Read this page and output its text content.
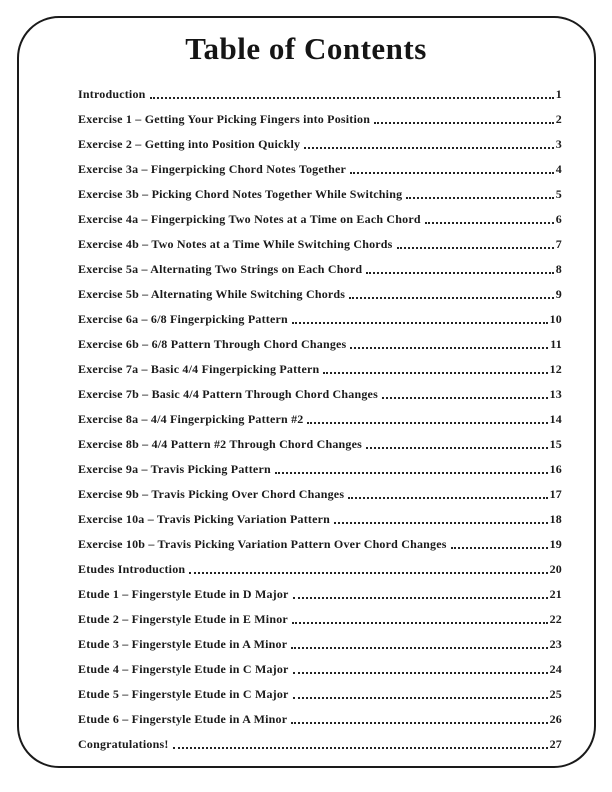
Table of Contents
Introduction	1
Exercise 1 – Getting Your Picking Fingers into Position	2
Exercise 2 – Getting into Position Quickly	3
Exercise 3a – Fingerpicking Chord Notes Together	4
Exercise 3b – Picking Chord Notes Together While Switching	5
Exercise 4a – Fingerpicking Two Notes at a Time on Each Chord	6
Exercise 4b – Two Notes at a Time While Switching Chords	7
Exercise 5a – Alternating Two Strings on Each Chord	8
Exercise 5b – Alternating While Switching Chords	9
Exercise 6a – 6/8 Fingerpicking Pattern	10
Exercise 6b – 6/8 Pattern Through Chord Changes	11
Exercise 7a – Basic 4/4 Fingerpicking Pattern	12
Exercise 7b – Basic 4/4 Pattern Through Chord Changes	13
Exercise 8a – 4/4 Fingerpicking Pattern #2	14
Exercise 8b – 4/4 Pattern #2 Through Chord Changes	15
Exercise 9a – Travis Picking Pattern	16
Exercise 9b – Travis Picking Over Chord Changes	17
Exercise 10a – Travis Picking Variation Pattern	18
Exercise 10b – Travis Picking Variation Pattern Over Chord Changes	19
Etudes Introduction	20
Etude 1 – Fingerstyle Etude in D Major	21
Etude 2 – Fingerstyle Etude in E Minor	22
Etude 3 – Fingerstyle Etude in A Minor	23
Etude 4 – Fingerstyle Etude in C Major	24
Etude 5 – Fingerstyle Etude in C Major	25
Etude 6 – Fingerstyle Etude in A Minor	26
Congratulations!	27
